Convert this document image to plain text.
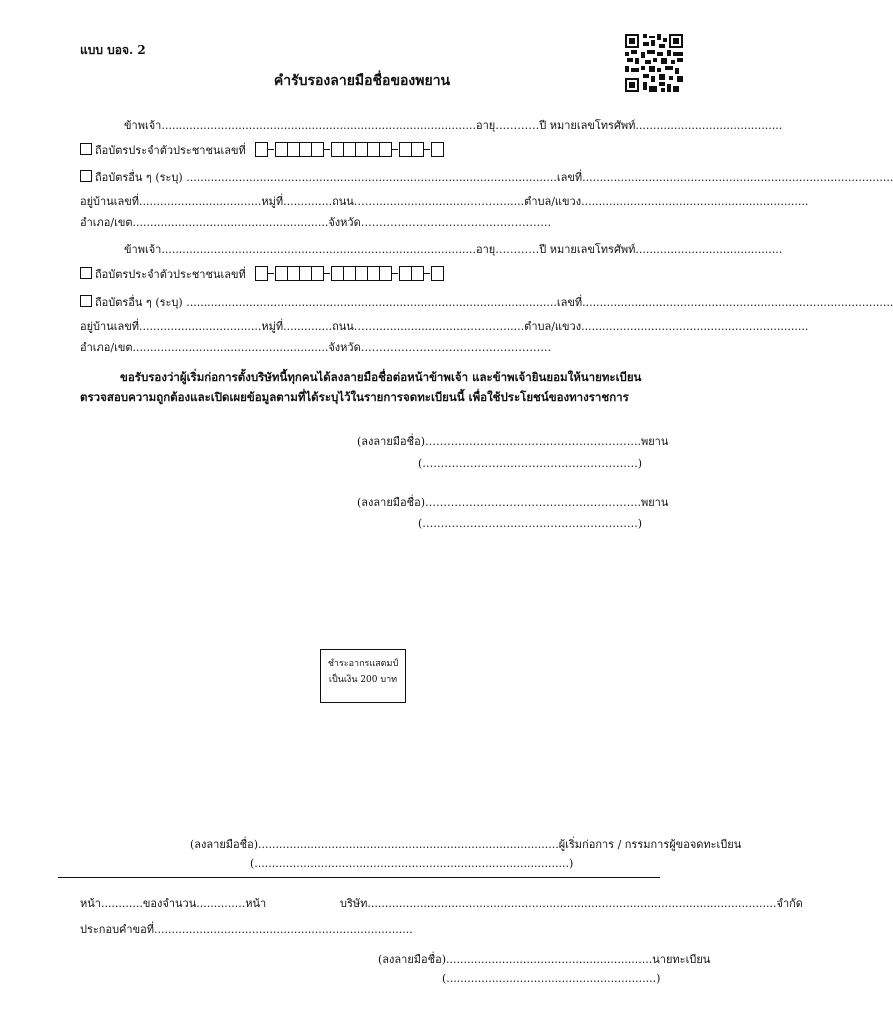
แบบ บอจ. 2
คำรับรองลายมือชื่อของพยาน
ข้าพเจ้า..........................................................................................อายุ…………ปี หมายเลขโทรศัพท์..........................................
ถือบัตรประจำตัวประชาชนเลขที่
ถือบัตรอื่น ๆ (ระบุ) ..........................................................................................................เลขที่.........................................................................................
อยู่บ้านเลขที่...................................หมู่ที่..............ถนน……...........................………......ตำบล/แขวง.................................................................
อำเภอ/เขต........................................................จังหวัด……………………………….……………
ข้าพเจ้า..........................................................................................อายุ…………ปี หมายเลขโทรศัพท์..........................................
ถือบัตรประจำตัวประชาชนเลขที่
ถือบัตรอื่น ๆ (ระบุ) ..........................................................................................................เลขที่.........................................................................................
อยู่บ้านเลขที่...................................หมู่ที่..............ถนน……...........................………......ตำบล/แขวง.................................................................
อำเภอ/เขต........................................................จังหวัด……………………………….……………
ขอรับรองว่าผู้เริ่มก่อการตั้งบริษัทนี้ทุกคนได้ลงลายมือชื่อต่อหน้าข้าพเจ้า และข้าพเจ้ายินยอมให้นายทะเบียนตรวจสอบความถูกต้องและเปิดเผยข้อมูลตามที่ได้ระบุไว้ในรายการจดทะเบียนนี้ เพื่อใช้ประโยชน์ของทางราชการ
(ลงลายมือชื่อ)…………………………………………………..พยาน
(……………………..…………..……………….)
(ลงลายมือชื่อ)…………………………………………………..พยาน
(……………………..…………..……………….)
ชำระอากรแสตมป์
เป็นเงิน 200 บาท
(ลงลายมือชื่อ)......................................................................................ผู้เริ่มก่อการ / กรรมการผู้ขอจดทะเบียน
(..........................................................................................)
หน้า............ของจำนวน..............หน้า	บริษัท.....................................................................................................................จำกัด
ประกอบคำขอที่..........................................................................
(ลงลายมือชื่อ)...........................................................นายทะเบียน
(............................................................)
